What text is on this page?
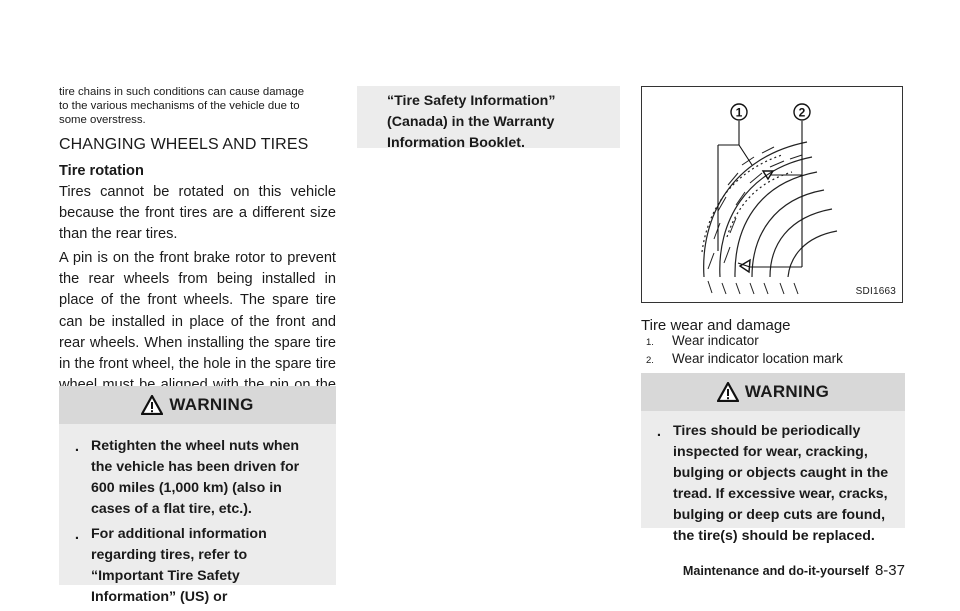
tire chains in such conditions can cause damage

to the various mechanisms of the vehicle due to

some overstress.

CHANGING WHEELS AND TIRES
Tire rotation

Tires cannot be rotated on this vehicle because the front tires are a different size than the rear tires.

A pin is on the front brake rotor to prevent the rear wheels from being installed in place of the front wheels. The spare tire can be installed in place of the front and rear wheels. When installing the spare tire in the front wheel, the hole in the spare tire

WARNING
. Retighten the wheel nuts when the vehicle has been driven for 600 miles (1,000 km) (also in cases of a flat tire, etc.).

. For additional information regarding tires, refer to “Important Tire Safety Information” (US) or

“Tire Safety Information” (Canada) in the Warranty Information Booklet.

1	2
SDI1663

Tire wear and damage

1.	Wear indicator
2.	Wear indicator location mark
WARNING
. Tires should be periodically inspected for wear, cracking, bulging or objects caught in the tread. If excessive wear, cracks, bulging or deep cuts are found, the tire(s) should be replaced.

Maintenance and do-it-yourself 8-37
